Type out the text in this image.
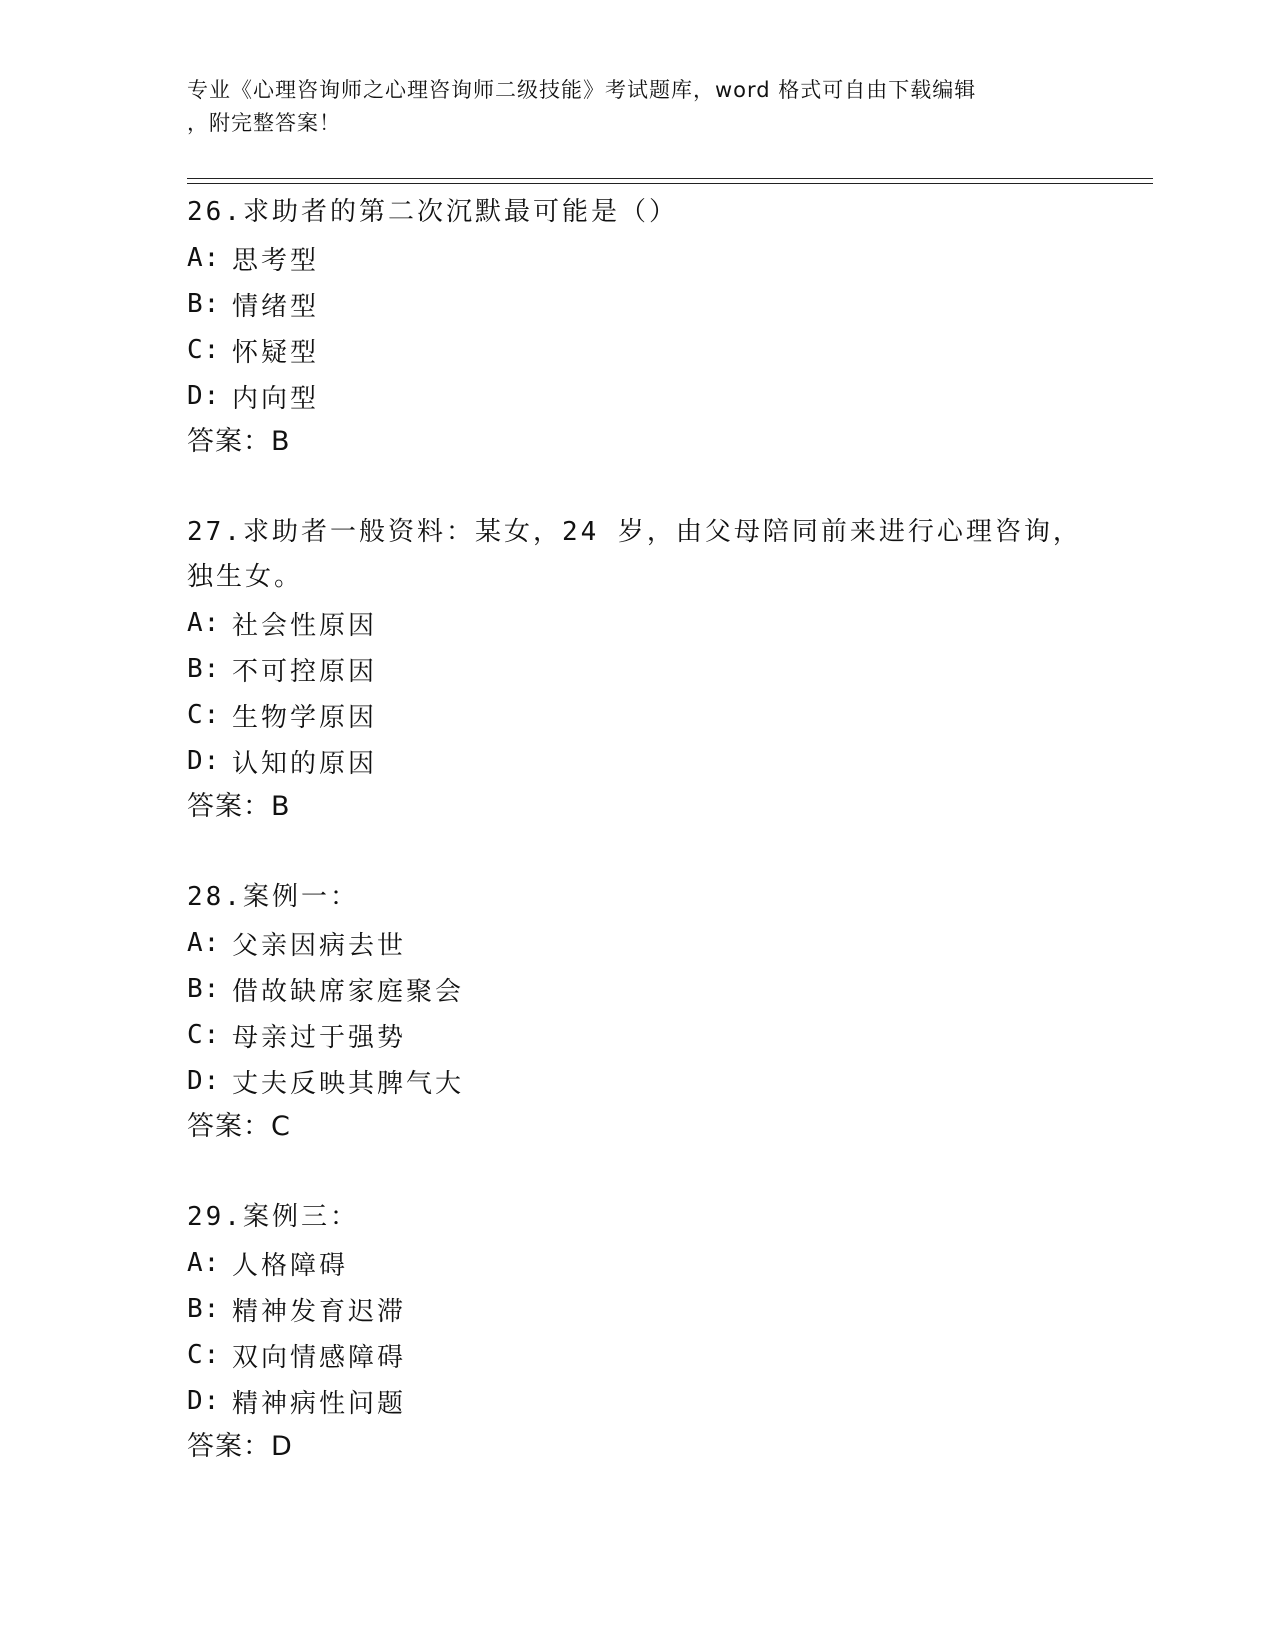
专业《心理咨询师之心理咨询师二级技能》考试题库，word 格式可自由下载编辑
，附完整答案！
26.求助者的第二次沉默最可能是（）
A: 思考型
B: 情绪型
C: 怀疑型
D: 内向型
答案：B
27.求助者一般资料：某女，24 岁，由父母陪同前来进行心理咨询，独生女。
A: 社会性原因
B: 不可控原因
C: 生物学原因
D: 认知的原因
答案：B
28.案例一：
A: 父亲因病去世
B: 借故缺席家庭聚会
C: 母亲过于强势
D: 丈夫反映其脾气大
答案：C
29.案例三：
A: 人格障碍
B: 精神发育迟滞
C: 双向情感障碍
D: 精神病性问题
答案：D
